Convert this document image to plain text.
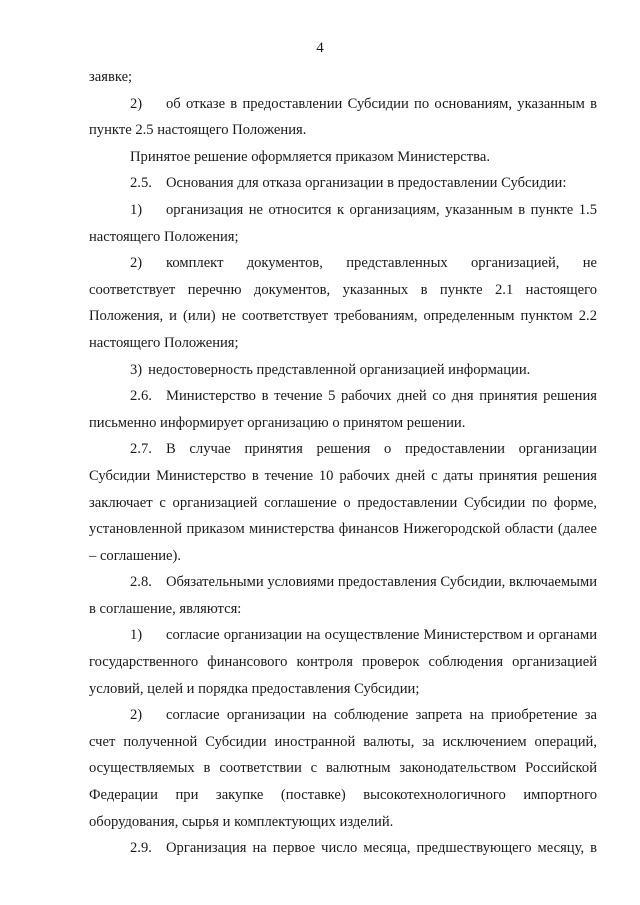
4

заявке;

2) об отказе в предоставлении Субсидии по основаниям, указанным в пункте 2.5 настоящего Положения.

Принятое решение оформляется приказом Министерства.

2.5. Основания для отказа организации в предоставлении Субсидии:

1) организация не относится к организациям, указанным в пункте 1.5 настоящего Положения;

2) комплект документов, представленных организацией, не соответствует перечню документов, указанных в пункте 2.1 настоящего Положения, и (или) не соответствует требованиям, определенным пунктом 2.2 настоящего Положения;

3) недостоверность представленной организацией информации.

2.6. Министерство в течение 5 рабочих дней со дня принятия решения письменно информирует организацию о принятом решении.

2.7. В случае принятия решения о предоставлении организации Субсидии Министерство в течение 10 рабочих дней с даты принятия решения заключает с организацией соглашение о предоставлении Субсидии по форме, установленной приказом министерства финансов Нижегородской области (далее – соглашение).

2.8. Обязательными условиями предоставления Субсидии, включаемыми в соглашение, являются:

1) согласие организации на осуществление Министерством и органами государственного финансового контроля проверок соблюдения организацией условий, целей и порядка предоставления Субсидии;

2) согласие организации на соблюдение запрета на приобретение за счет полученной Субсидии иностранной валюты, за исключением операций, осуществляемых в соответствии с валютным законодательством Российской Федерации при закупке (поставке) высокотехнологичного импортного оборудования, сырья и комплектующих изделий.

2.9. Организация на первое число месяца, предшествующего месяцу, в
